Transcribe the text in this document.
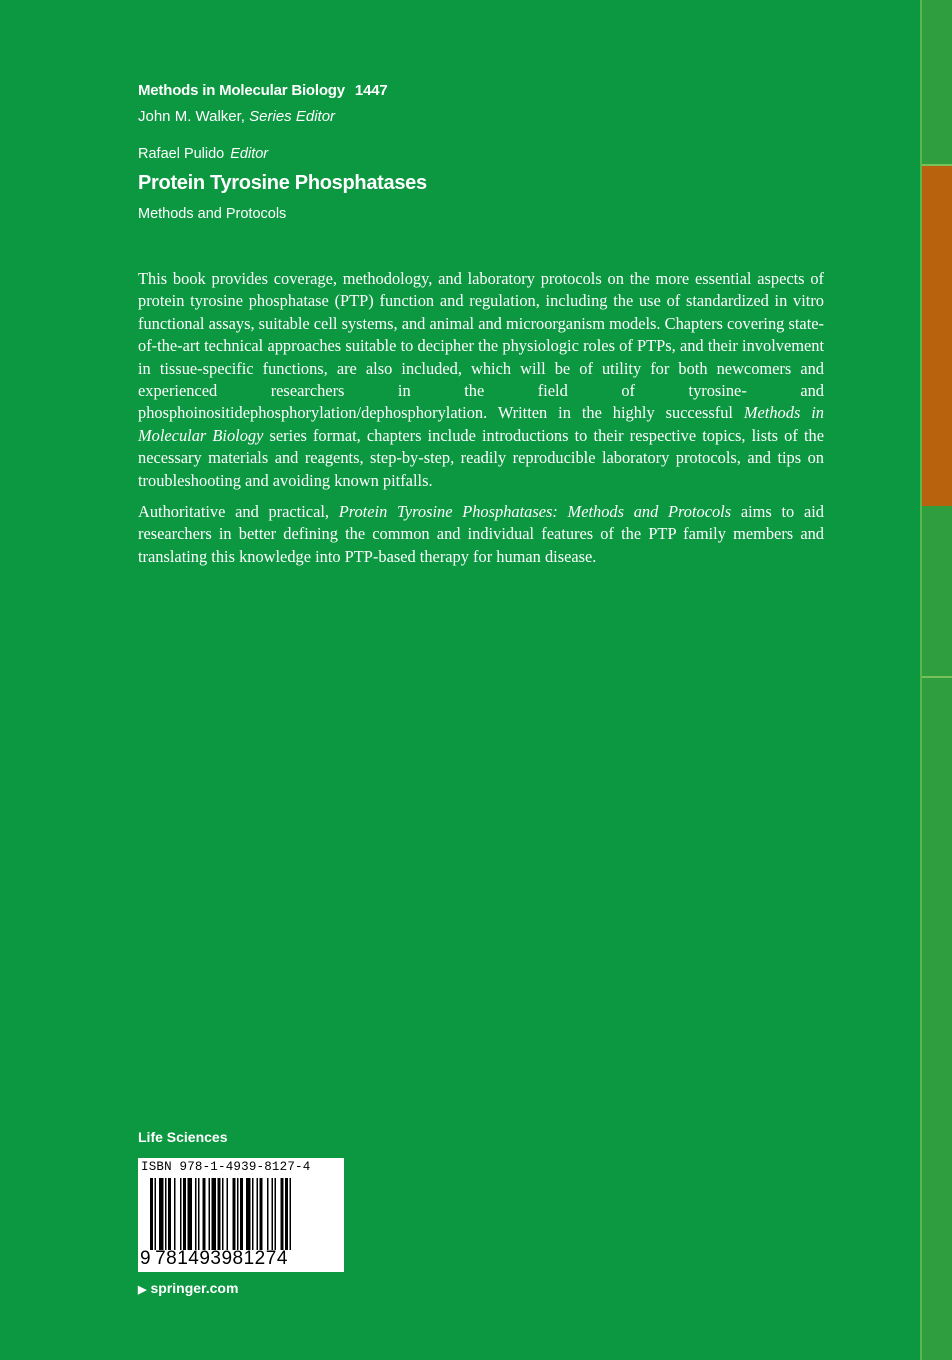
Methods in Molecular Biology 1447
John M. Walker, Series Editor
Rafael Pulido Editor
Protein Tyrosine Phosphatases
Methods and Protocols

This book provides coverage, methodology, and laboratory protocols on the more essential aspects of protein tyrosine phosphatase (PTP) function and regulation, including the use of standardized in vitro functional assays, suitable cell systems, and animal and microorganism models. Chapters covering state-of-the-art technical approaches suitable to decipher the physiologic roles of PTPs, and their involvement in tissue-specific functions, are also included, which will be of utility for both newcomers and experienced researchers in the field of tyrosine- and phosphoinositidephosphorylation/dephosphorylation. Written in the highly successful Methods in Molecular Biology series format, chapters include introductions to their respective topics, lists of the necessary materials and reagents, step-by-step, readily reproducible laboratory protocols, and tips on troubleshooting and avoiding known pitfalls.

Authoritative and practical, Protein Tyrosine Phosphatases: Methods and Protocols aims to aid researchers in better defining the common and individual features of the PTP family members and translating this knowledge into PTP-based therapy for human disease.

Life Sciences
ISBN 978-1-4939-8127-4
9 781493981274
▶ springer.com
